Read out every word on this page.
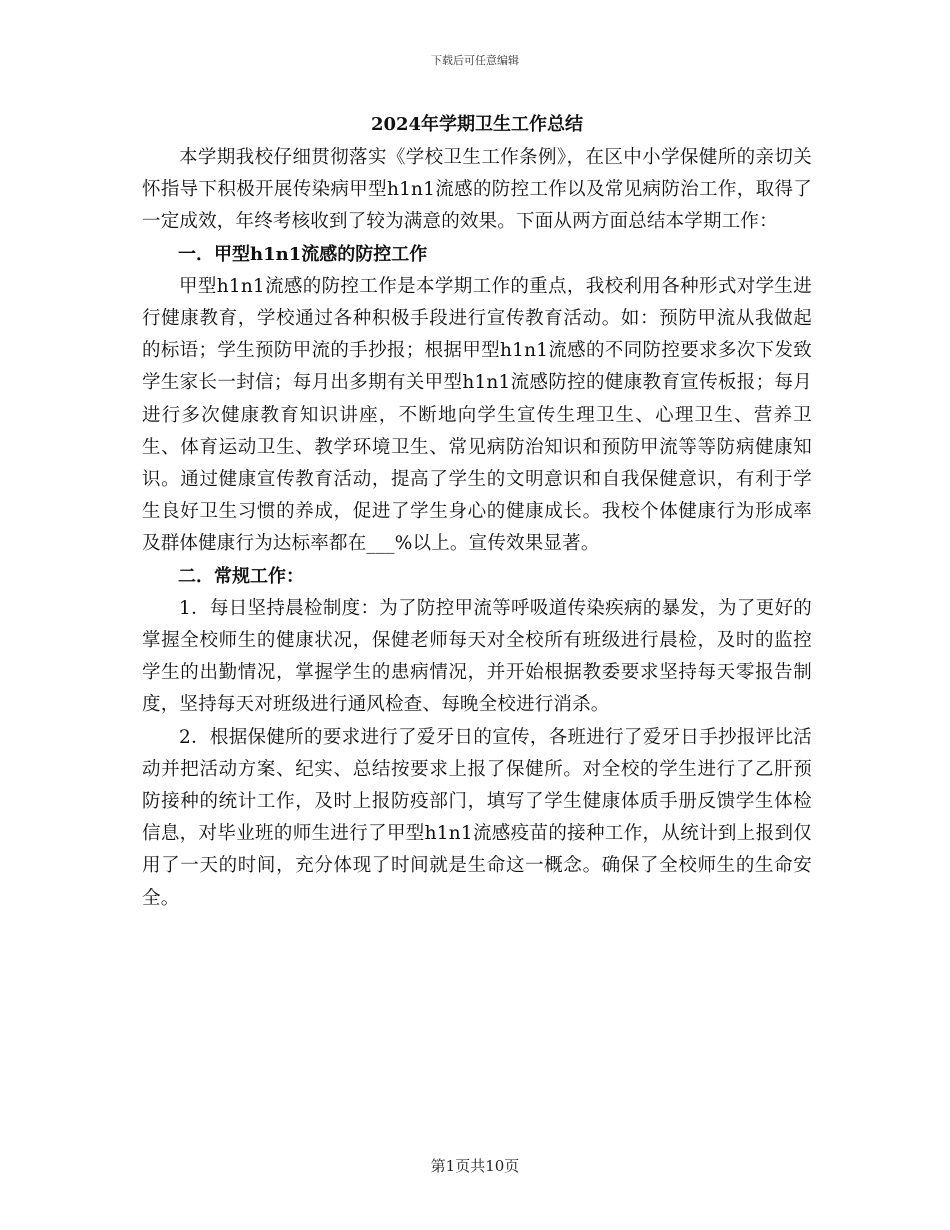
下载后可任意编辑
2024年学期卫生工作总结

本学期我校仔细贯彻落实《学校卫生工作条例》，在区中小学保健所的亲切关怀指导下积极开展传染病甲型h1n1流感的防控工作以及常见病防治工作，取得了一定成效，年终考核收到了较为满意的效果。下面从两方面总结本学期工作：

一．甲型h1n1流感的防控工作

甲型h1n1流感的防控工作是本学期工作的重点，我校利用各种形式对学生进行健康教育，学校通过各种积极手段进行宣传教育活动。如：预防甲流从我做起的标语；学生预防甲流的手抄报；根据甲型h1n1流感的不同防控要求多次下发致学生家长一封信；每月出多期有关甲型h1n1流感防控的健康教育宣传板报；每月进行多次健康教育知识讲座，不断地向学生宣传生理卫生、心理卫生、营养卫生、体育运动卫生、教学环境卫生、常见病防治知识和预防甲流等等防病健康知识。通过健康宣传教育活动，提高了学生的文明意识和自我保健意识，有利于学生良好卫生习惯的养成，促进了学生身心的健康成长。我校个体健康行为形成率及群体健康行为达标率都在___%以上。宣传效果显著。

二．常规工作：

1．每日坚持晨检制度：为了防控甲流等呼吸道传染疾病的暴发，为了更好的掌握全校师生的健康状况，保健老师每天对全校所有班级进行晨检，及时的监控学生的出勤情况，掌握学生的患病情况，并开始根据教委要求坚持每天零报告制度，坚持每天对班级进行通风检查、每晚全校进行消杀。

2．根据保健所的要求进行了爱牙日的宣传，各班进行了爱牙日手抄报评比活动并把活动方案、纪实、总结按要求上报了保健所。对全校的学生进行了乙肝预防接种的统计工作，及时上报防疫部门，填写了学生健康体质手册反馈学生体检信息，对毕业班的师生进行了甲型h1n1流感疫苗的接种工作，从统计到上报到仅用了一天的时间，充分体现了时间就是生命这一概念。确保了全校师生的生命安全。

第1页共10页
